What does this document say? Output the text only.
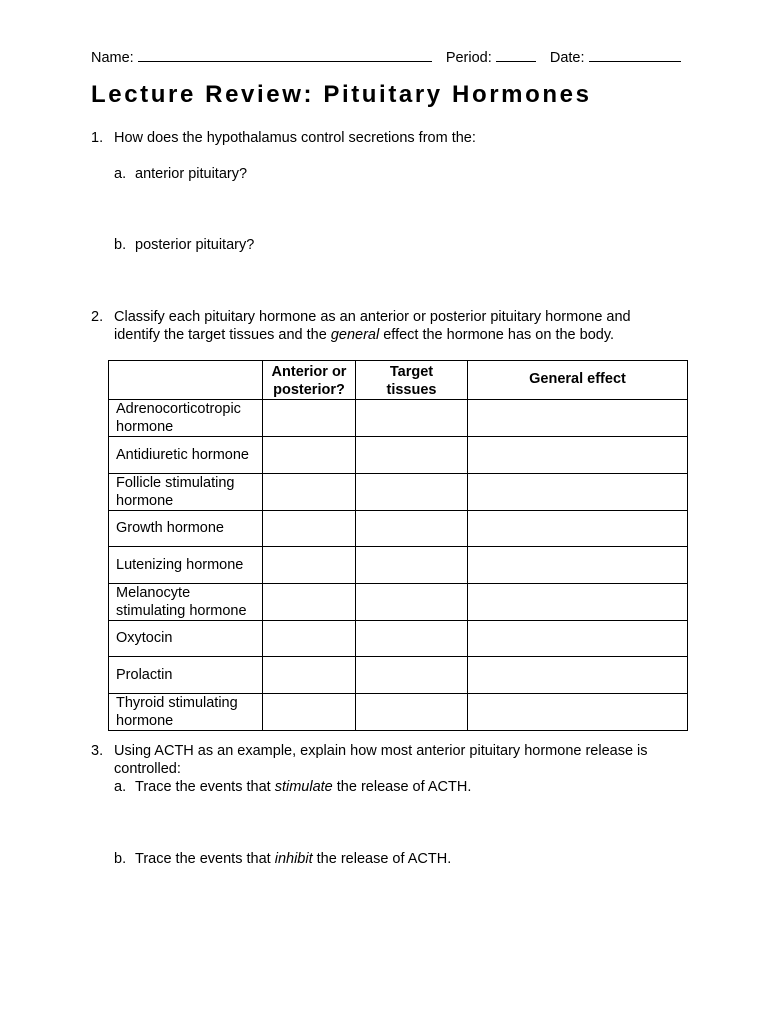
Name:	Period:	Date:
Lecture Review: Pituitary Hormones
1. How does the hypothalamus control secretions from the:
a. anterior pituitary?
b. posterior pituitary?
2. Classify each pituitary hormone as an anterior or posterior pituitary hormone and
identify the target tissues and the general effect the hormone has on the body.
	Anterior or posterior?	Target tissues	General effect
Adrenocorticotropic hormone			
Antidiuretic hormone			
Follicle stimulating hormone			
Growth hormone			
Lutenizing hormone			
Melanocyte stimulating hormone			
Oxytocin			
Prolactin			
Thyroid stimulating hormone			
3. Using ACTH as an example, explain how most anterior pituitary hormone release is
controlled:
a. Trace the events that stimulate the release of ACTH.
b. Trace the events that inhibit the release of ACTH.
